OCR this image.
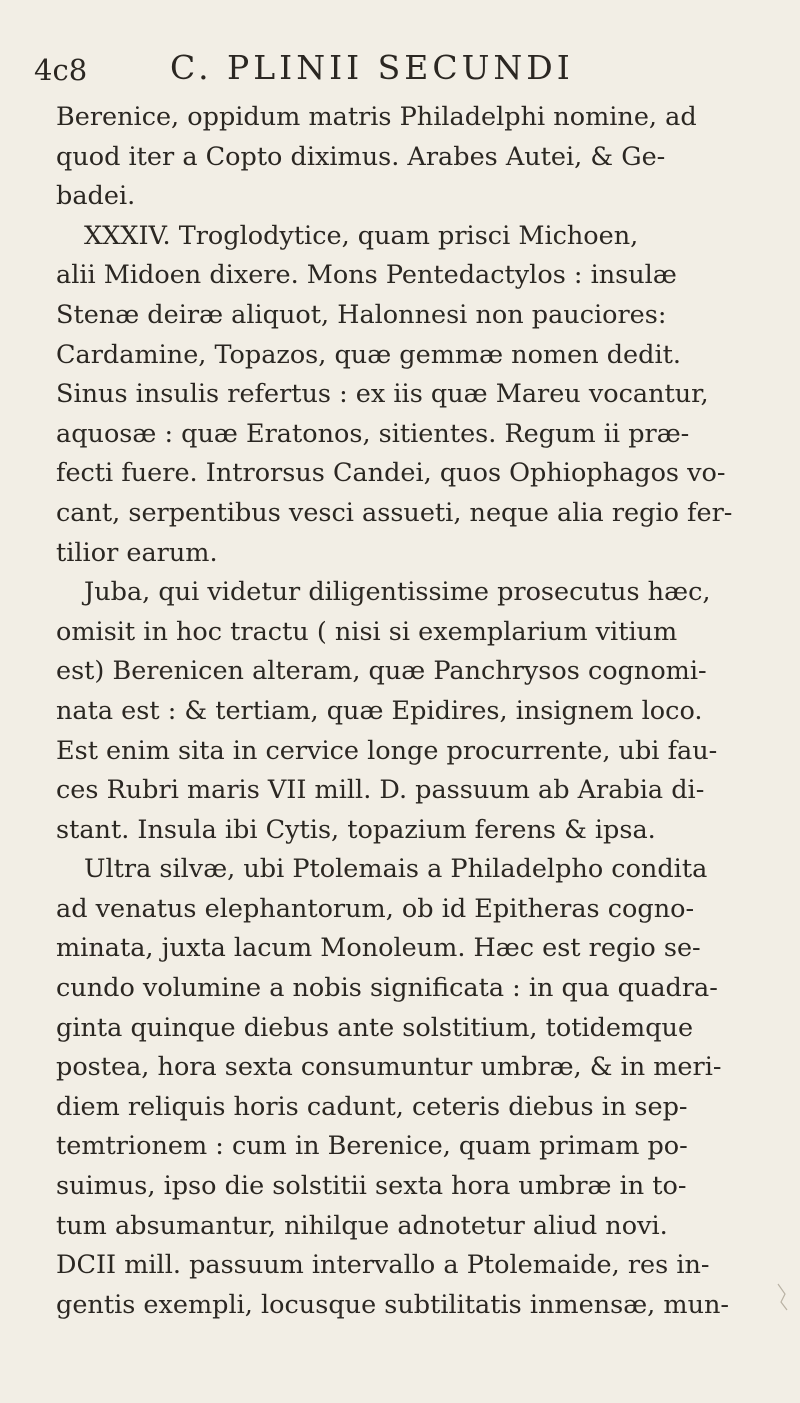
4c8	C. PLINII SECUNDI
Berenice, oppidum matris Philadelphi nomine, ad
quod iter a Copto diximus. Arabes Autei, & Ge-
badei.
XXXIV. Troglodytice, quam prisci Michoen,
alii Midoen dixere. Mons Pentedaϲtylos : insulæ
Stenæ deiræ aliquot, Halonnesi non pauciores:
Cardamine, Topazos, quæ gemmæ nomen dedit.
Sinus insulis refertus : ex iis quæ Mareu vocantur,
aquosæ : quæ Eratonos, sitientes. Regum ii præ-
fecti fuere. Introrsus Candei, quos Ophiophagos vo-
cant, serpentibus vesci assueti, neque alia regio fer-
tilior earum.
Juba, qui videtur diligentissime prosecutus hæc,
omisit in hoc tractu ( nisi si exemplarium vitium
est) Berenicen alteram, quæ Panchrysos cognomi-
nata est : & tertiam, quæ Epidires, insignem loco.
Est enim sita in cervice longe procurrente, ubi fau-
ces Rubri maris VII mill. D. passuum ab Arabia di-
stant. Insula ibi Cytis, topazium ferens & ipsa.
Ultra silvæ, ubi Ptolemais a Philadelpho condita
ad venatus elephantorum, ob id Epitheras cogno-
minata, juxta lacum Monoleum. Hæc est regio se-
cundo volumine a nobis significata : in qua quadra-
ginta quinque diebus ante solstitium, totidemque
postea, hora sexta consumuntur umbræ, & in meri-
diem reliquis horis cadunt, ceteris diebus in sep-
temtrionem : cum in Berenice, quam primam po-
suimus, ipso die solstitii sexta hora umbræ in to-
tum absumantur, nihilque adnotetur aliud novi.
DCII mill. passuum intervallo a Ptolemaide, res in-
gentis exempli, locusque subtilitatis inmensæ, mun-
